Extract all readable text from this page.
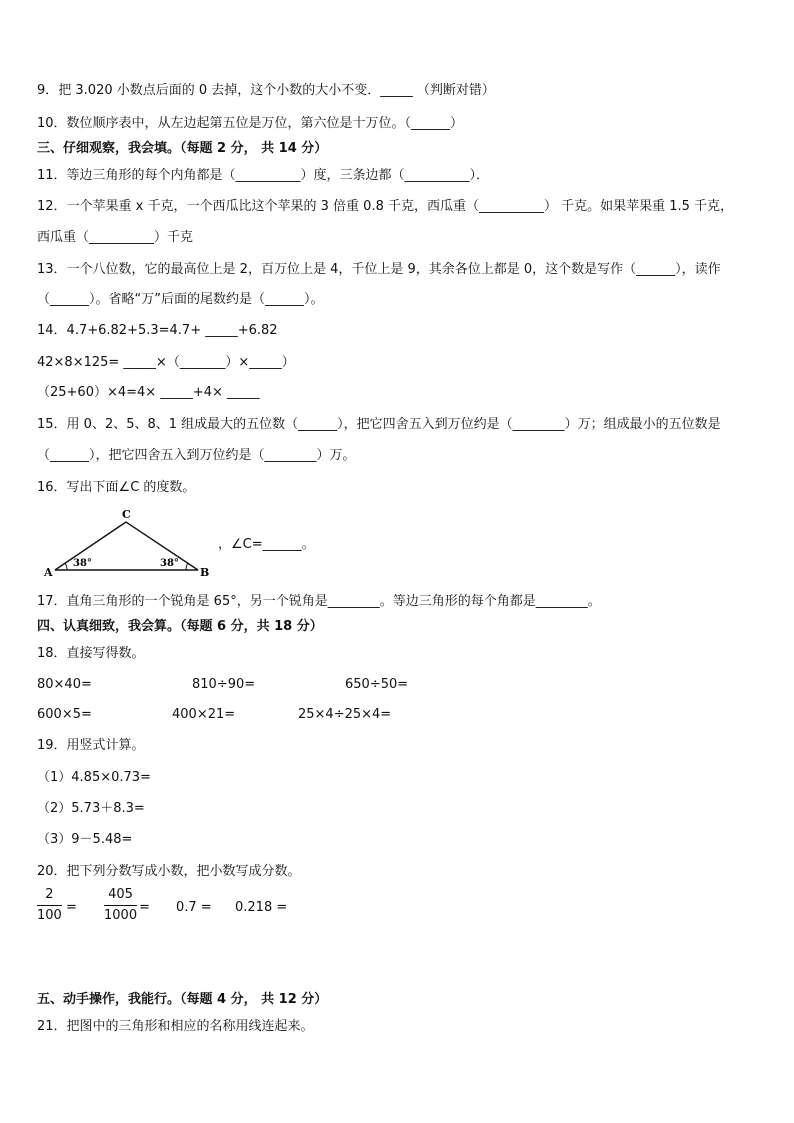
9．把 3.020 小数点后面的 0 去掉，这个小数的大小不变．_____ （判断对错）
10．数位顺序表中，从左边起第五位是万位，第六位是十万位。（______）
三、仔细观察，我会填。（每题 2 分， 共 14 分）
11．等边三角形的每个内角都是（__________）度，三条边都（__________）．
12．一个苹果重 x 千克，一个西瓜比这个苹果的 3 倍重 0.8 千克，西瓜重（__________） 千克。如果苹果重 1.5 千克，
西瓜重（__________）千克
13．一个八位数，它的最高位上是 2，百万位上是 4，千位上是 9，其余各位上都是 0，这个数是写作（______），读作
（______）。省略“万”后面的尾数约是（______）。
14．4.7+6.82+5.3=4.7+ _____+6.82
42×8×125= _____×（_______）×_____）
（25+60）×4=4× _____+4× _____
15．用 0、2、5、8、1 组成最大的五位数（______），把它四舍五入到万位约是（________）万；组成最小的五位数是
（______），把它四舍五入到万位约是（________）万。
16．写出下面∠C 的度数。
C
A	B
38°	38°
，∠C=______。
17．直角三角形的一个锐角是 65°，另一个锐角是________。等边三角形的每个角都是________。
四、认真细致，我会算。（每题 6 分，共 18 分）
18．直接写得数。
80×40=	810÷90=	650÷50=
600×5=	400×21=	25×4÷25×4=
19．用竖式计算。
（1）4.85×0.73=
（2）5.73＋8.3=
（3）9－5.48=
20．把下列分数写成小数，把小数写成分数。
$\frac{2}{100} = \frac{405}{1000} = 0.7 = 0.218$ =
五、动手操作，我能行。（每题 4 分， 共 12 分）
21．把图中的三角形和相应的名称用线连起来。
